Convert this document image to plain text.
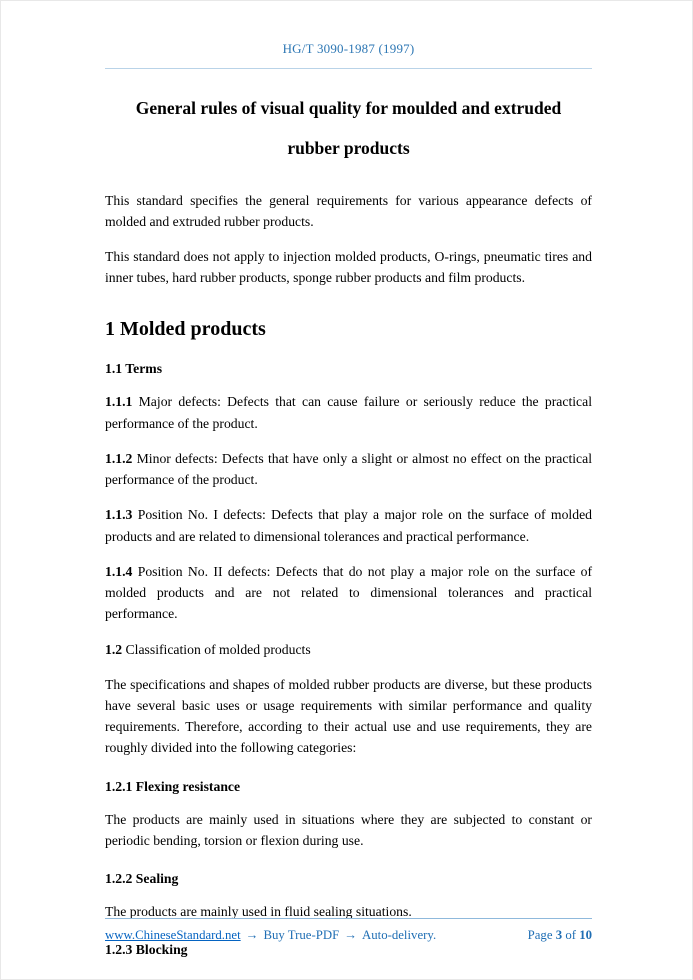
HG/T 3090-1987 (1997)
General rules of visual quality for moulded and extruded
rubber products

This standard specifies the general requirements for various appearance defects of molded and extruded rubber products.

This standard does not apply to injection molded products, O-rings, pneumatic tires and inner tubes, hard rubber products, sponge rubber products and film products.

1 Molded products
1.1 Terms

1.1.1 Major defects: Defects that can cause failure or seriously reduce the practical performance of the product.

1.1.2 Minor defects: Defects that have only a slight or almost no effect on the practical performance of the product.

1.1.3 Position No. I defects: Defects that play a major role on the surface of molded products and are related to dimensional tolerances and practical performance.

1.1.4 Position No. II defects: Defects that do not play a major role on the surface of molded products and are not related to dimensional tolerances and practical performance.

1.2 Classification of molded products

The specifications and shapes of molded rubber products are diverse, but these products have several basic uses or usage requirements with similar performance and quality requirements. Therefore, according to their actual use and use requirements, they are roughly divided into the following categories:

1.2.1 Flexing resistance

The products are mainly used in situations where they are subjected to constant or periodic bending, torsion or flexion during use.

1.2.2 Sealing

The products are mainly used in fluid sealing situations.

1.2.3 Blocking
www.ChineseStandard.net → Buy True-PDF → Auto-delivery.	Page 3 of 10
